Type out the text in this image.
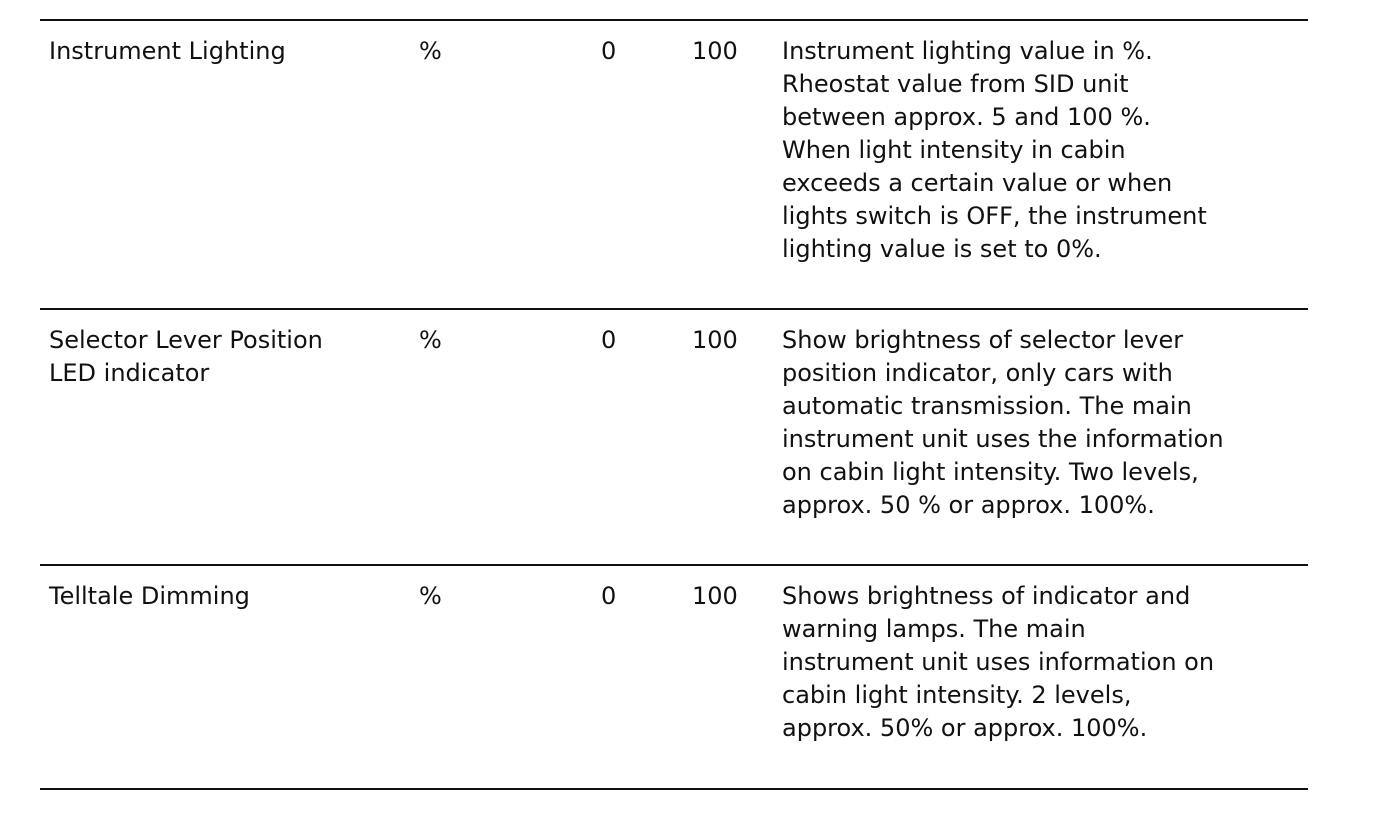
Instrument Lighting	%	0	100 Instrument lighting value in %.
Rheostat value from SID unit
between approx. 5 and 100 %.
When light intensity in cabin
exceeds a certain value or when
lights switch is OFF, the instrument
lighting value is set to 0%.
Selector Lever Position
LED indicator
%	0	100 Show brightness of selector lever
position indicator, only cars with
automatic transmission. The main
instrument unit uses the information
on cabin light intensity. Two levels,
approx. 50 % or approx. 100%.
Telltale Dimming	%	0	100 Shows brightness of indicator and
warning lamps. The main
instrument unit uses information on
cabin light intensity. 2 levels,
approx. 50% or approx. 100%.
